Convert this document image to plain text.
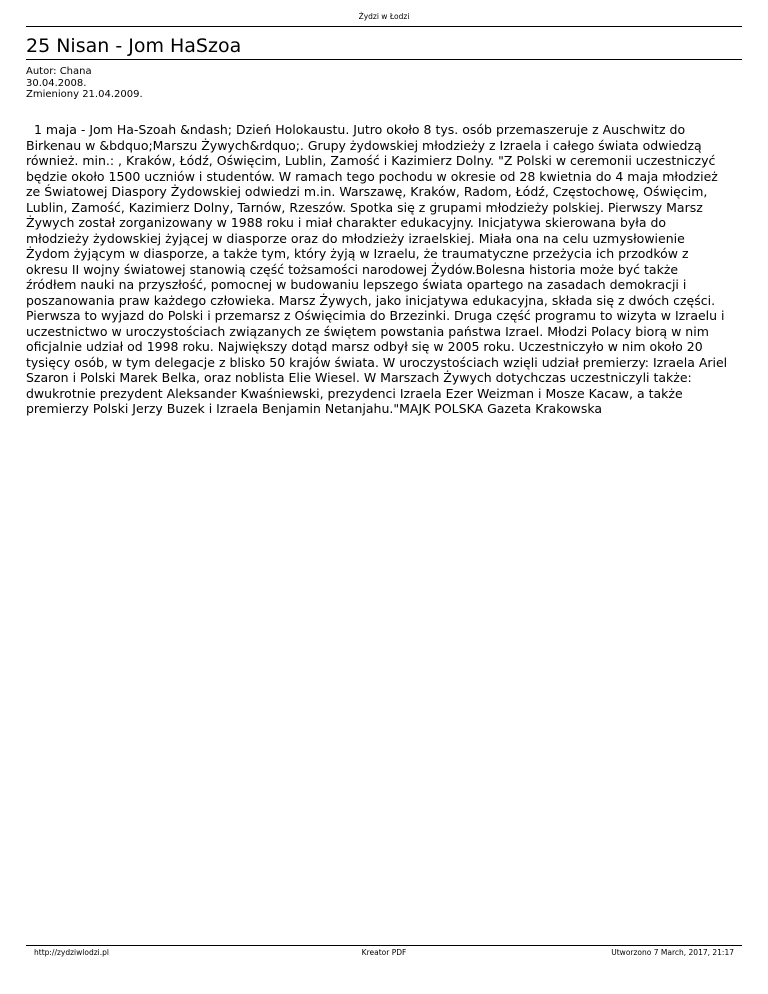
Żydzi w Łodzi
25 Nisan - Jom HaSzoa
Autor: Chana
30.04.2008.
Zmieniony 21.04.2009.

1 maja - Jom Ha-Szoah &ndash; Dzień Holokaustu. Jutro około 8 tys. osób przemaszeruje z Auschwitz do Birkenau w &bdquo;Marszu Żywych&rdquo;. Grupy żydowskiej młodzieży z Izraela i całego świata odwiedzą również. min.: , Kraków, Łódź, Oświęcim, Lublin, Zamość i Kazimierz Dolny. "Z Polski w ceremonii uczestniczyć będzie około 1500 uczniów i studentów. W ramach tego pochodu w okresie od 28 kwietnia do 4 maja młodzież ze Światowej Diaspory Żydowskiej odwiedzi m.in. Warszawę, Kraków, Radom, Łódź, Częstochowę, Oświęcim, Lublin, Zamość, Kazimierz Dolny, Tarnów, Rzeszów. Spotka się z grupami młodzieży polskiej. Pierwszy Marsz Żywych został zorganizowany w 1988 roku i miał charakter edukacyjny. Inicjatywa skierowana była do młodzieży żydowskiej żyjącej w diasporze oraz do młodzieży izraelskiej. Miała ona na celu uzmysłowienie Żydom żyjącym w diasporze, a także tym, który żyją w Izraelu, że traumatyczne przeżycia ich przodków z okresu II wojny światowej stanowią część tożsamości narodowej Żydów.Bolesna historia może być także źródłem nauki na przyszłość, pomocnej w budowaniu lepszego świata opartego na zasadach demokracji i poszanowania praw każdego człowieka. Marsz Żywych, jako inicjatywa edukacyjna, składa się z dwóch części. Pierwsza to wyjazd do Polski i przemarsz z Oświęcimia do Brzezinki. Druga część programu to wizyta w Izraelu i uczestnictwo w uroczystościach związanych ze świętem powstania państwa Izrael. Młodzi Polacy biorą w nim oficjalnie udział od 1998 roku. Największy dotąd marsz odbył się w 2005 roku. Uczestniczyło w nim około 20 tysięcy osób, w tym delegacje z blisko 50 krajów świata. W uroczystościach wzięli udział premierzy: Izraela Ariel Szaron i Polski Marek Belka, oraz noblista Elie Wiesel. W Marszach Żywych dotychczas uczestniczyli także: dwukrotnie prezydent Aleksander Kwaśniewski, prezydenci Izraela Ezer Weizman i Mosze Kacaw, a także premierzy Polski Jerzy Buzek i Izraela Benjamin Netanjahu."MAJK POLSKA Gazeta Krakowska

http://zydziwlodzi.pl	Kreator PDF	Utworzono 7 March, 2017, 21:17
